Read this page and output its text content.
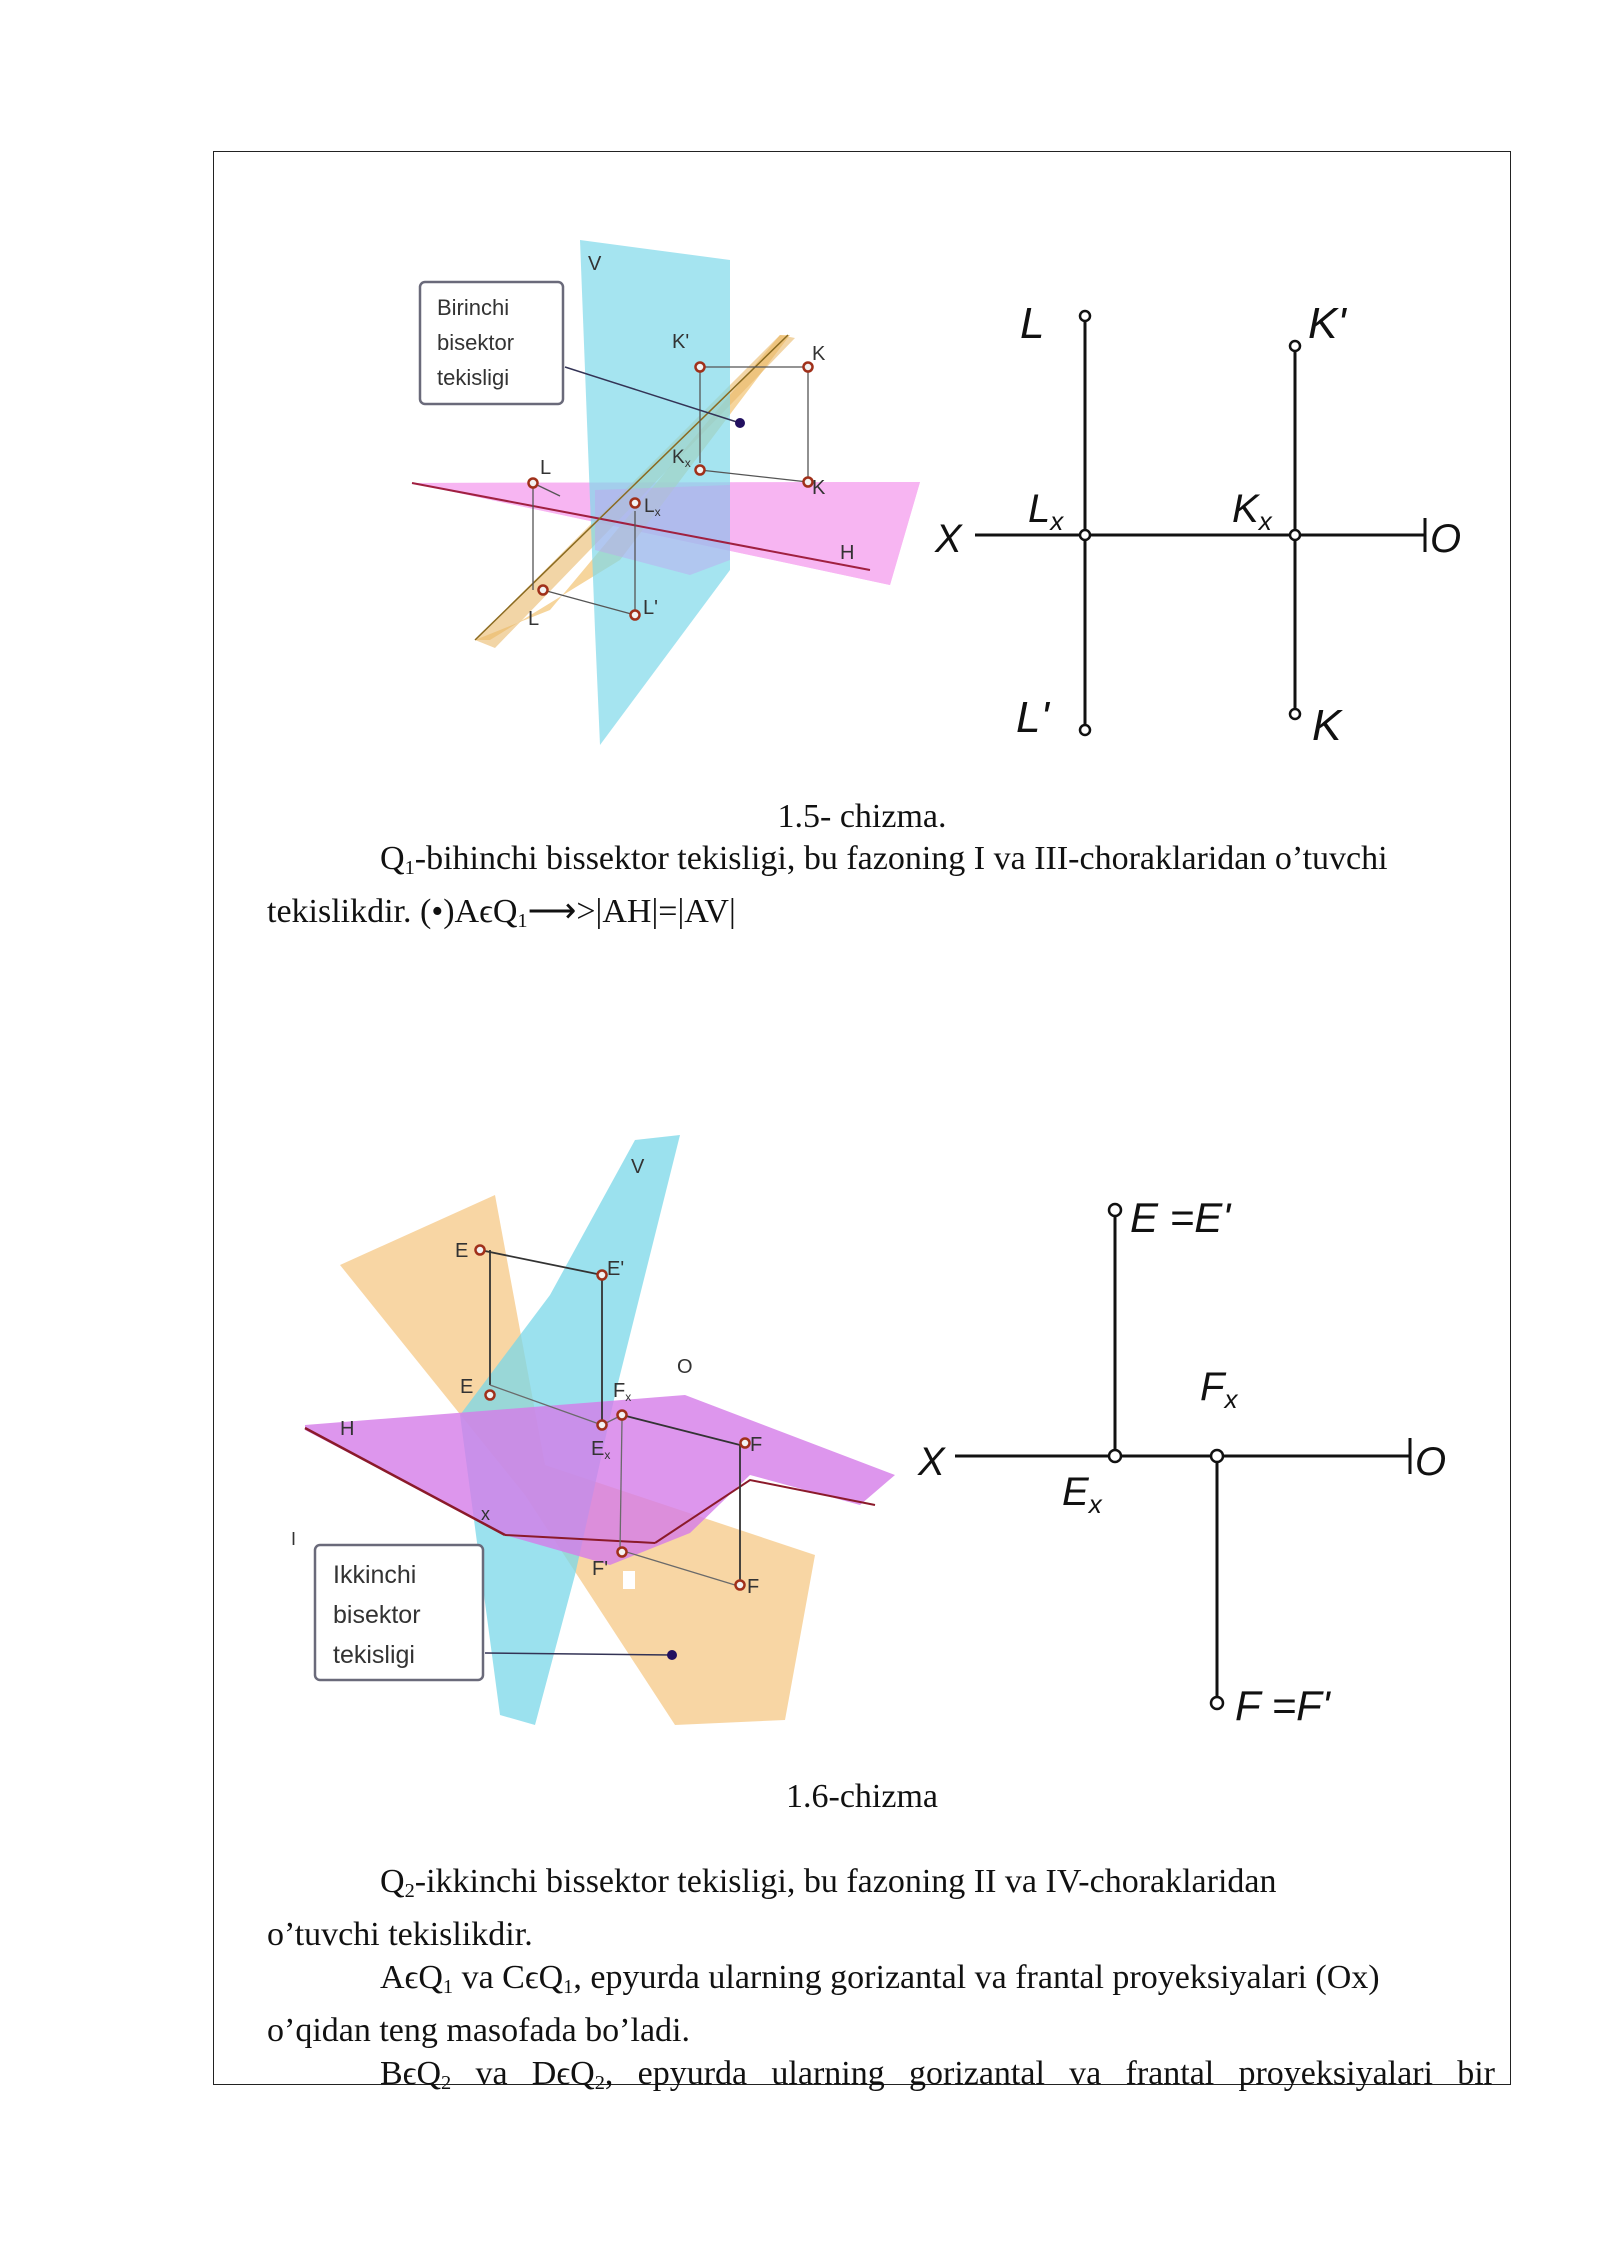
V
H
L
L
$L_x$
L'
K'
K
$K_x$
K
Birinchi
bisektor
tekisligi
X	O
L
$L_x$
L'
K'
$K_x$
K
1.5- chizma.

$Q_1$-bihinchi bissektor tekisligi, bu fazoning I va III-choraklaridan o’tuvchi

tekislikdir. (•)AϵQ$_1$⟶>|AH|=|AV|

V
H
O
x
I
E
E'
E
$E_x$
$F_x$
F
F'
F
Ikkinchi
bisektor
tekisligi
X	O
E =E'
$E_x$
$F_x$
F =F'
1.6-chizma

$Q_2$-ikkinchi bissektor tekisligi, bu fazoning II va IV-choraklaridan

o’tuvchi tekislikdir.

AϵQ$_1$ va CϵQ$_1$, epyurda ularning gorizantal va frantal proyeksiyalari (Ox)

o’qidan teng masofada bo’ladi.

BϵQ$_2$ va DϵQ$_2$, epyurda ularning gorizantal va frantal proyeksiyalari bir
